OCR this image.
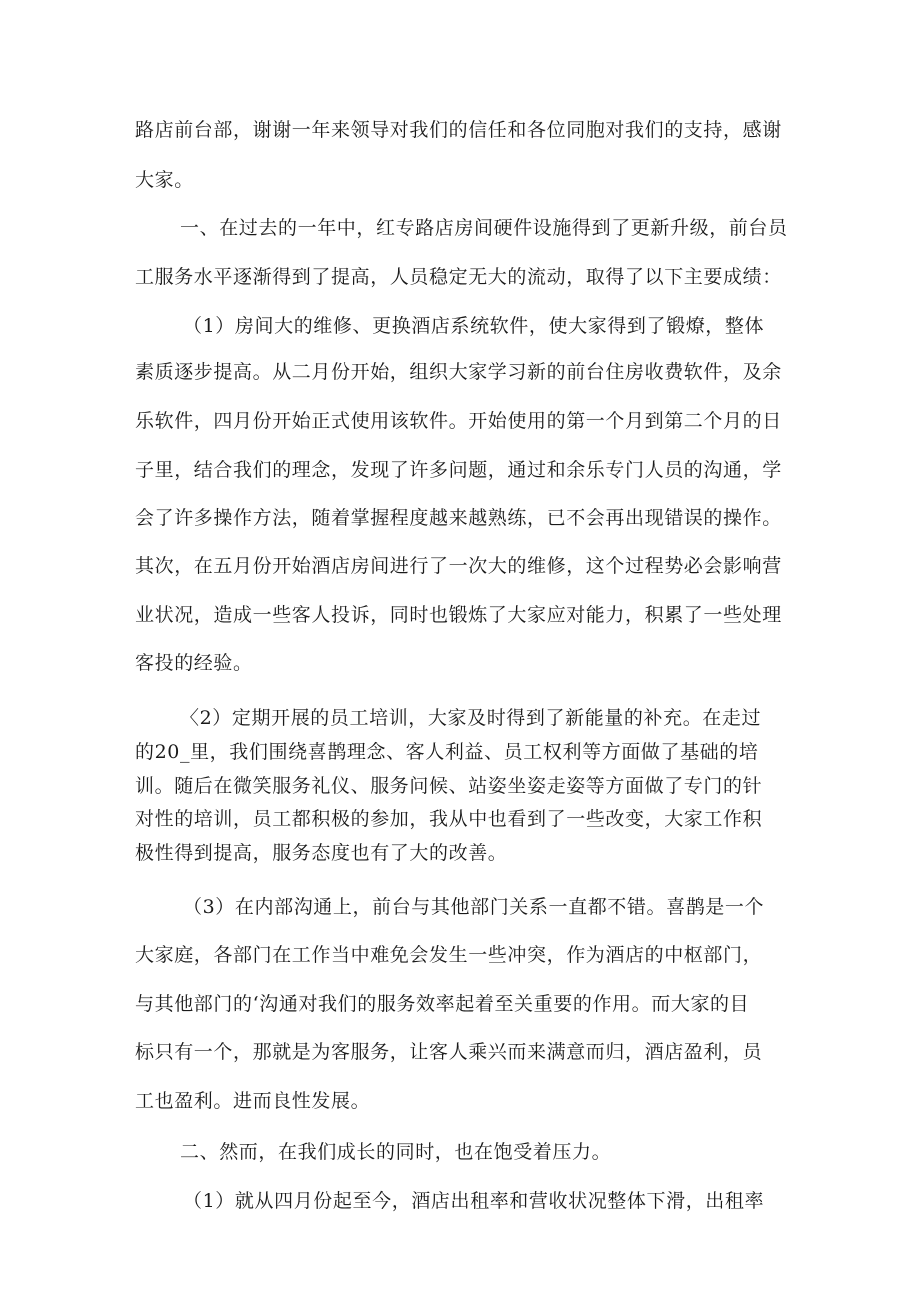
路店前台部，谢谢一年来领导对我们的信任和各位同胞对我们的支持，感谢

大家。

一、在过去的一年中，红专路店房间硬件设施得到了更新升级，前台员

工服务水平逐渐得到了提高，人员稳定无大的流动，取得了以下主要成绩：

（1）房间大的维修、更换酒店系统软件，使大家得到了锻燎，整体

素质逐步提高。从二月份开始，组织大家学习新的前台住房收费软件，及余

乐软件，四月份开始正式使用该软件。开始使用的第一个月到第二个月的日

子里，结合我们的理念，发现了许多问题，通过和余乐专门人员的沟通，学

会了许多操作方法，随着掌握程度越来越熟练，已不会再出现错误的操作。

其次，在五月份开始酒店房间进行了一次大的维修，这个过程势必会影响营

业状况，造成一些客人投诉，同时也锻炼了大家应对能力，积累了一些处理

客投的经验。

〈2）定期开展的员工培训，大家及时得到了新能量的补充。在走过

的20_里，我们围绕喜鹊理念、客人利益、员工权利等方面做了基础的培

训。随后在微笑服务礼仪、服务问候、站姿坐姿走姿等方面做了专门的针

对性的培训，员工都积极的参加，我从中也看到了一些改变，大家工作积

极性得到提高，服务态度也有了大的改善。

（3）在内部沟通上，前台与其他部门关系一直都不错。喜鹊是一个

大家庭，各部门在工作当中难免会发生一些冲突，作为酒店的中枢部门，

与其他部门的‘沟通对我们的服务效率起着至关重要的作用。而大家的目

标只有一个，那就是为客服务，让客人乘兴而来满意而归，酒店盈利，员

工也盈利。进而良性发展。

二、然而，在我们成长的同时，也在饱受着压力。

（1）就从四月份起至今，酒店出租率和营收状况整体下滑，出租率
